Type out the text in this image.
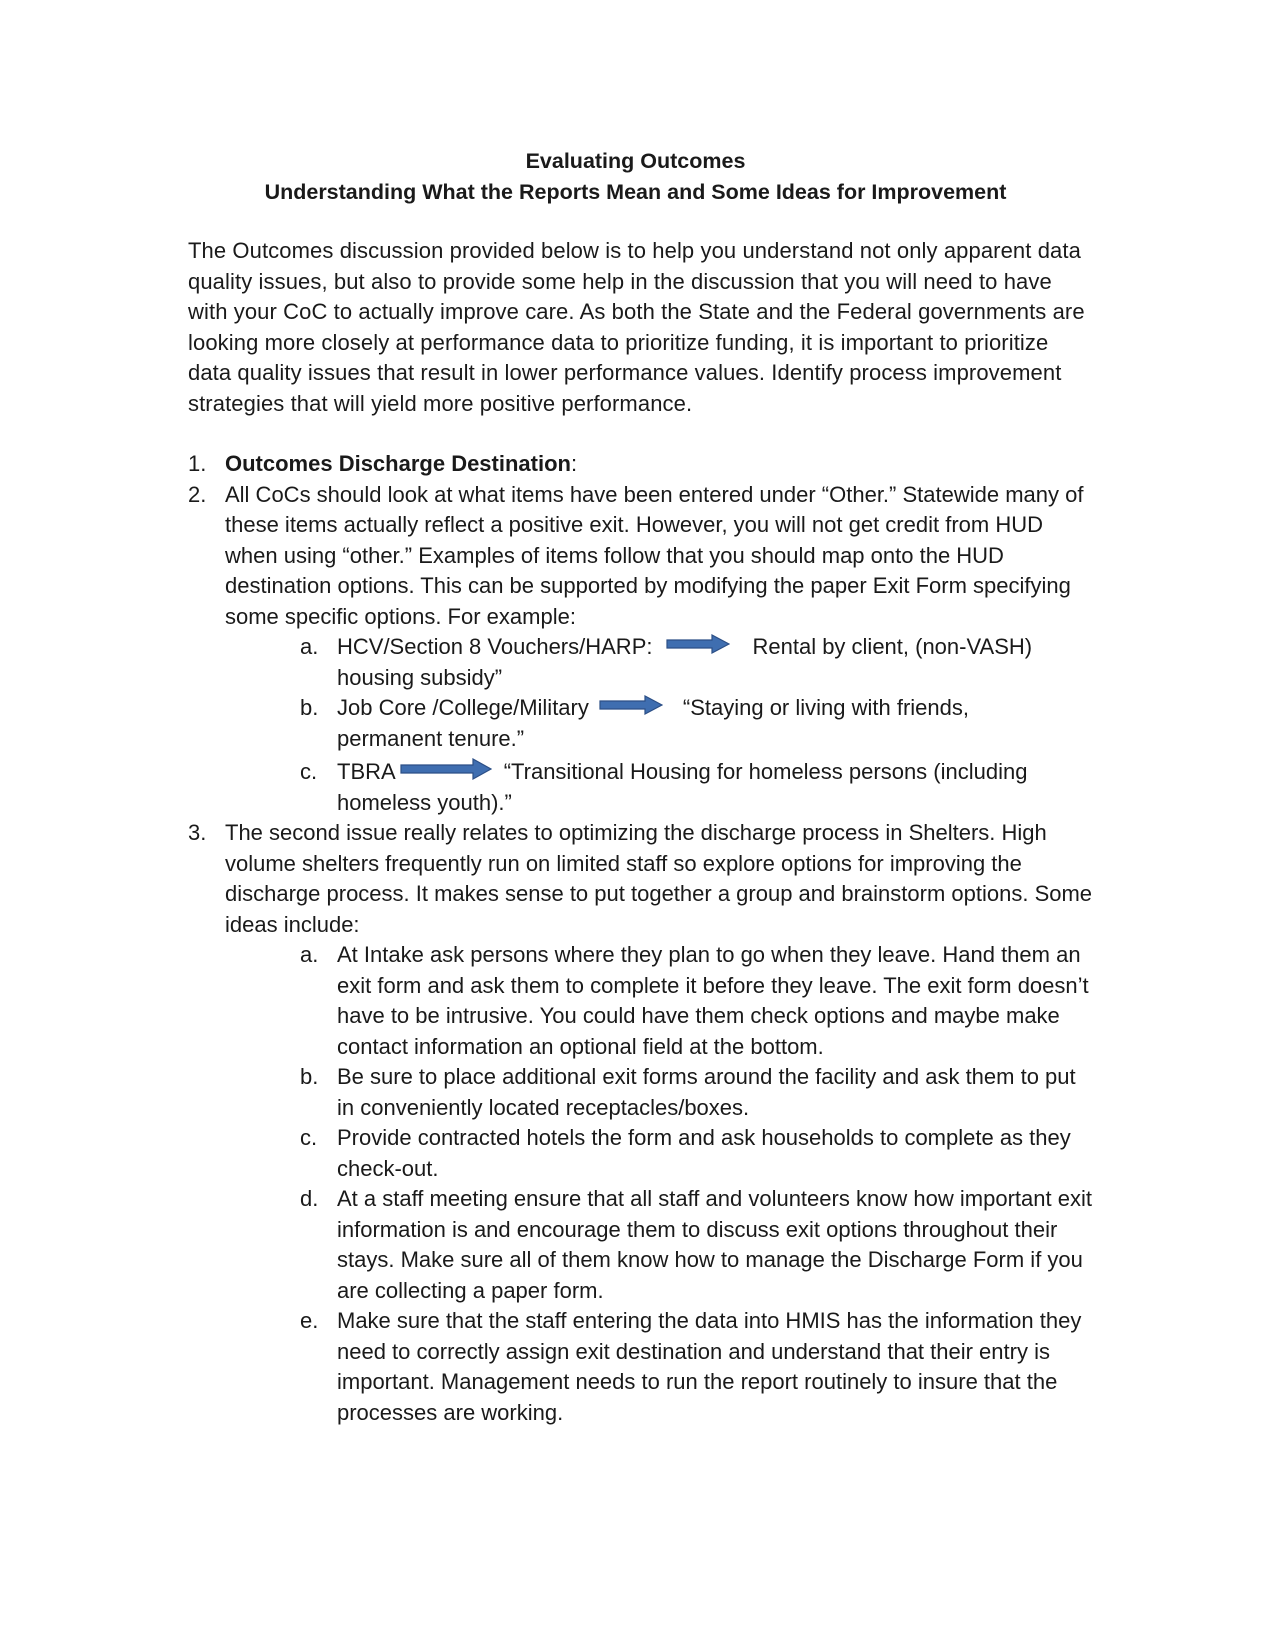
Evaluating Outcomes
Understanding What the Reports Mean and Some Ideas for Improvement
The Outcomes discussion provided below is to help you understand not only apparent data quality issues, but also to provide some help in the discussion that you will need to have with your CoC to actually improve care. As both the State and the Federal governments are looking more closely at performance data to prioritize funding, it is important to prioritize data quality issues that result in lower performance values. Identify process improvement strategies that will yield more positive performance.
1. Outcomes Discharge Destination:
2. All CoCs should look at what items have been entered under “Other.” Statewide many of these items actually reflect a positive exit. However, you will not get credit from HUD when using “other.” Examples of items follow that you should map onto the HUD destination options. This can be supported by modifying the paper Exit Form specifying some specific options. For example:
a. HCV/Section 8 Vouchers/HARP:	Rental by client, (non-VASH)
housing subsidy”
b. Job Core /College/Military	“Staying or living with friends,
permanent tenure.”
c. TBRA	“Transitional Housing for homeless persons (including
homeless youth).”
3. The second issue really relates to optimizing the discharge process in Shelters. High volume shelters frequently run on limited staff so explore options for improving the discharge process. It makes sense to put together a group and brainstorm options. Some ideas include:
a. At Intake ask persons where they plan to go when they leave. Hand them an exit form and ask them to complete it before they leave. The exit form doesn’t have to be intrusive. You could have them check options and maybe make contact information an optional field at the bottom.
b. Be sure to place additional exit forms around the facility and ask them to put in conveniently located receptacles/boxes.
c. Provide contracted hotels the form and ask households to complete as they check-out.
d. At a staff meeting ensure that all staff and volunteers know how important exit information is and encourage them to discuss exit options throughout their stays. Make sure all of them know how to manage the Discharge Form if you are collecting a paper form.
e. Make sure that the staff entering the data into HMIS has the information they need to correctly assign exit destination and understand that their entry is important. Management needs to run the report routinely to insure that the processes are working.
